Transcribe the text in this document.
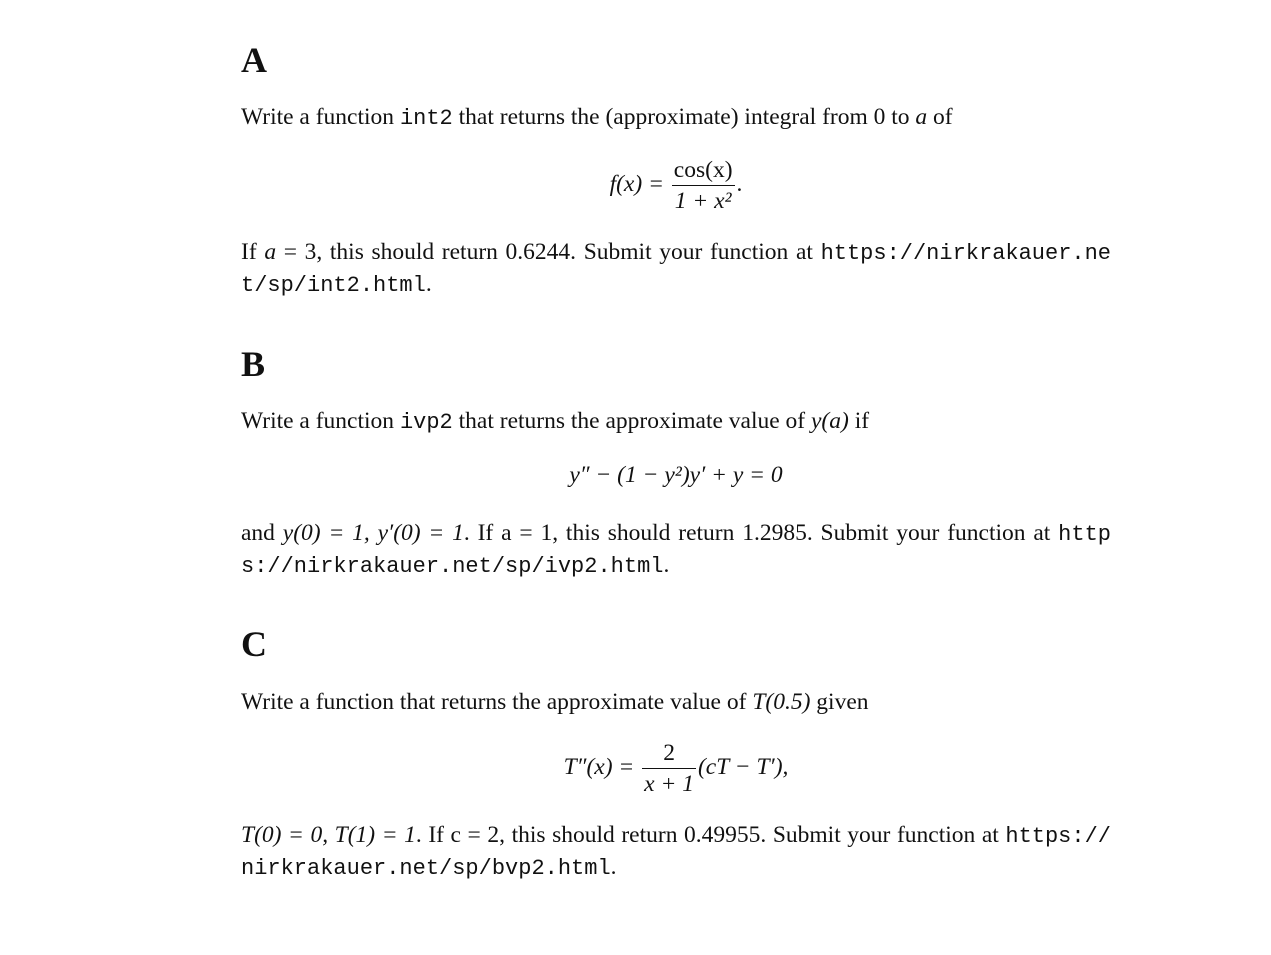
A

Write a function int2 that returns the (approximate) integral from 0 to a of

$f(x) = \frac{\cos(x)}{\text{1 + x²}}$ .

If a = 3, this should return 0.6244. Submit your function at https://nirkrakauer.net/sp/int2.html.

B

Write a function ivp2 that returns the approximate value of y(a) if

y″ − (1 − y²)y′ + y = 0

and y(0) = 1, y′(0) = 1. If a = 1, this should return 1.2985. Submit your function at https://nirkrakauer.net/sp/ivp2.html.

C

Write a function that returns the approximate value of T(0.5) given

$T''(x) = \frac{2}{x + 1} (cT - T')$,

T(0) = 0, T(1) = 1. If c = 2, this should return 0.49955. Submit your function at https://nirkrakauer.net/sp/bvp2.html.
